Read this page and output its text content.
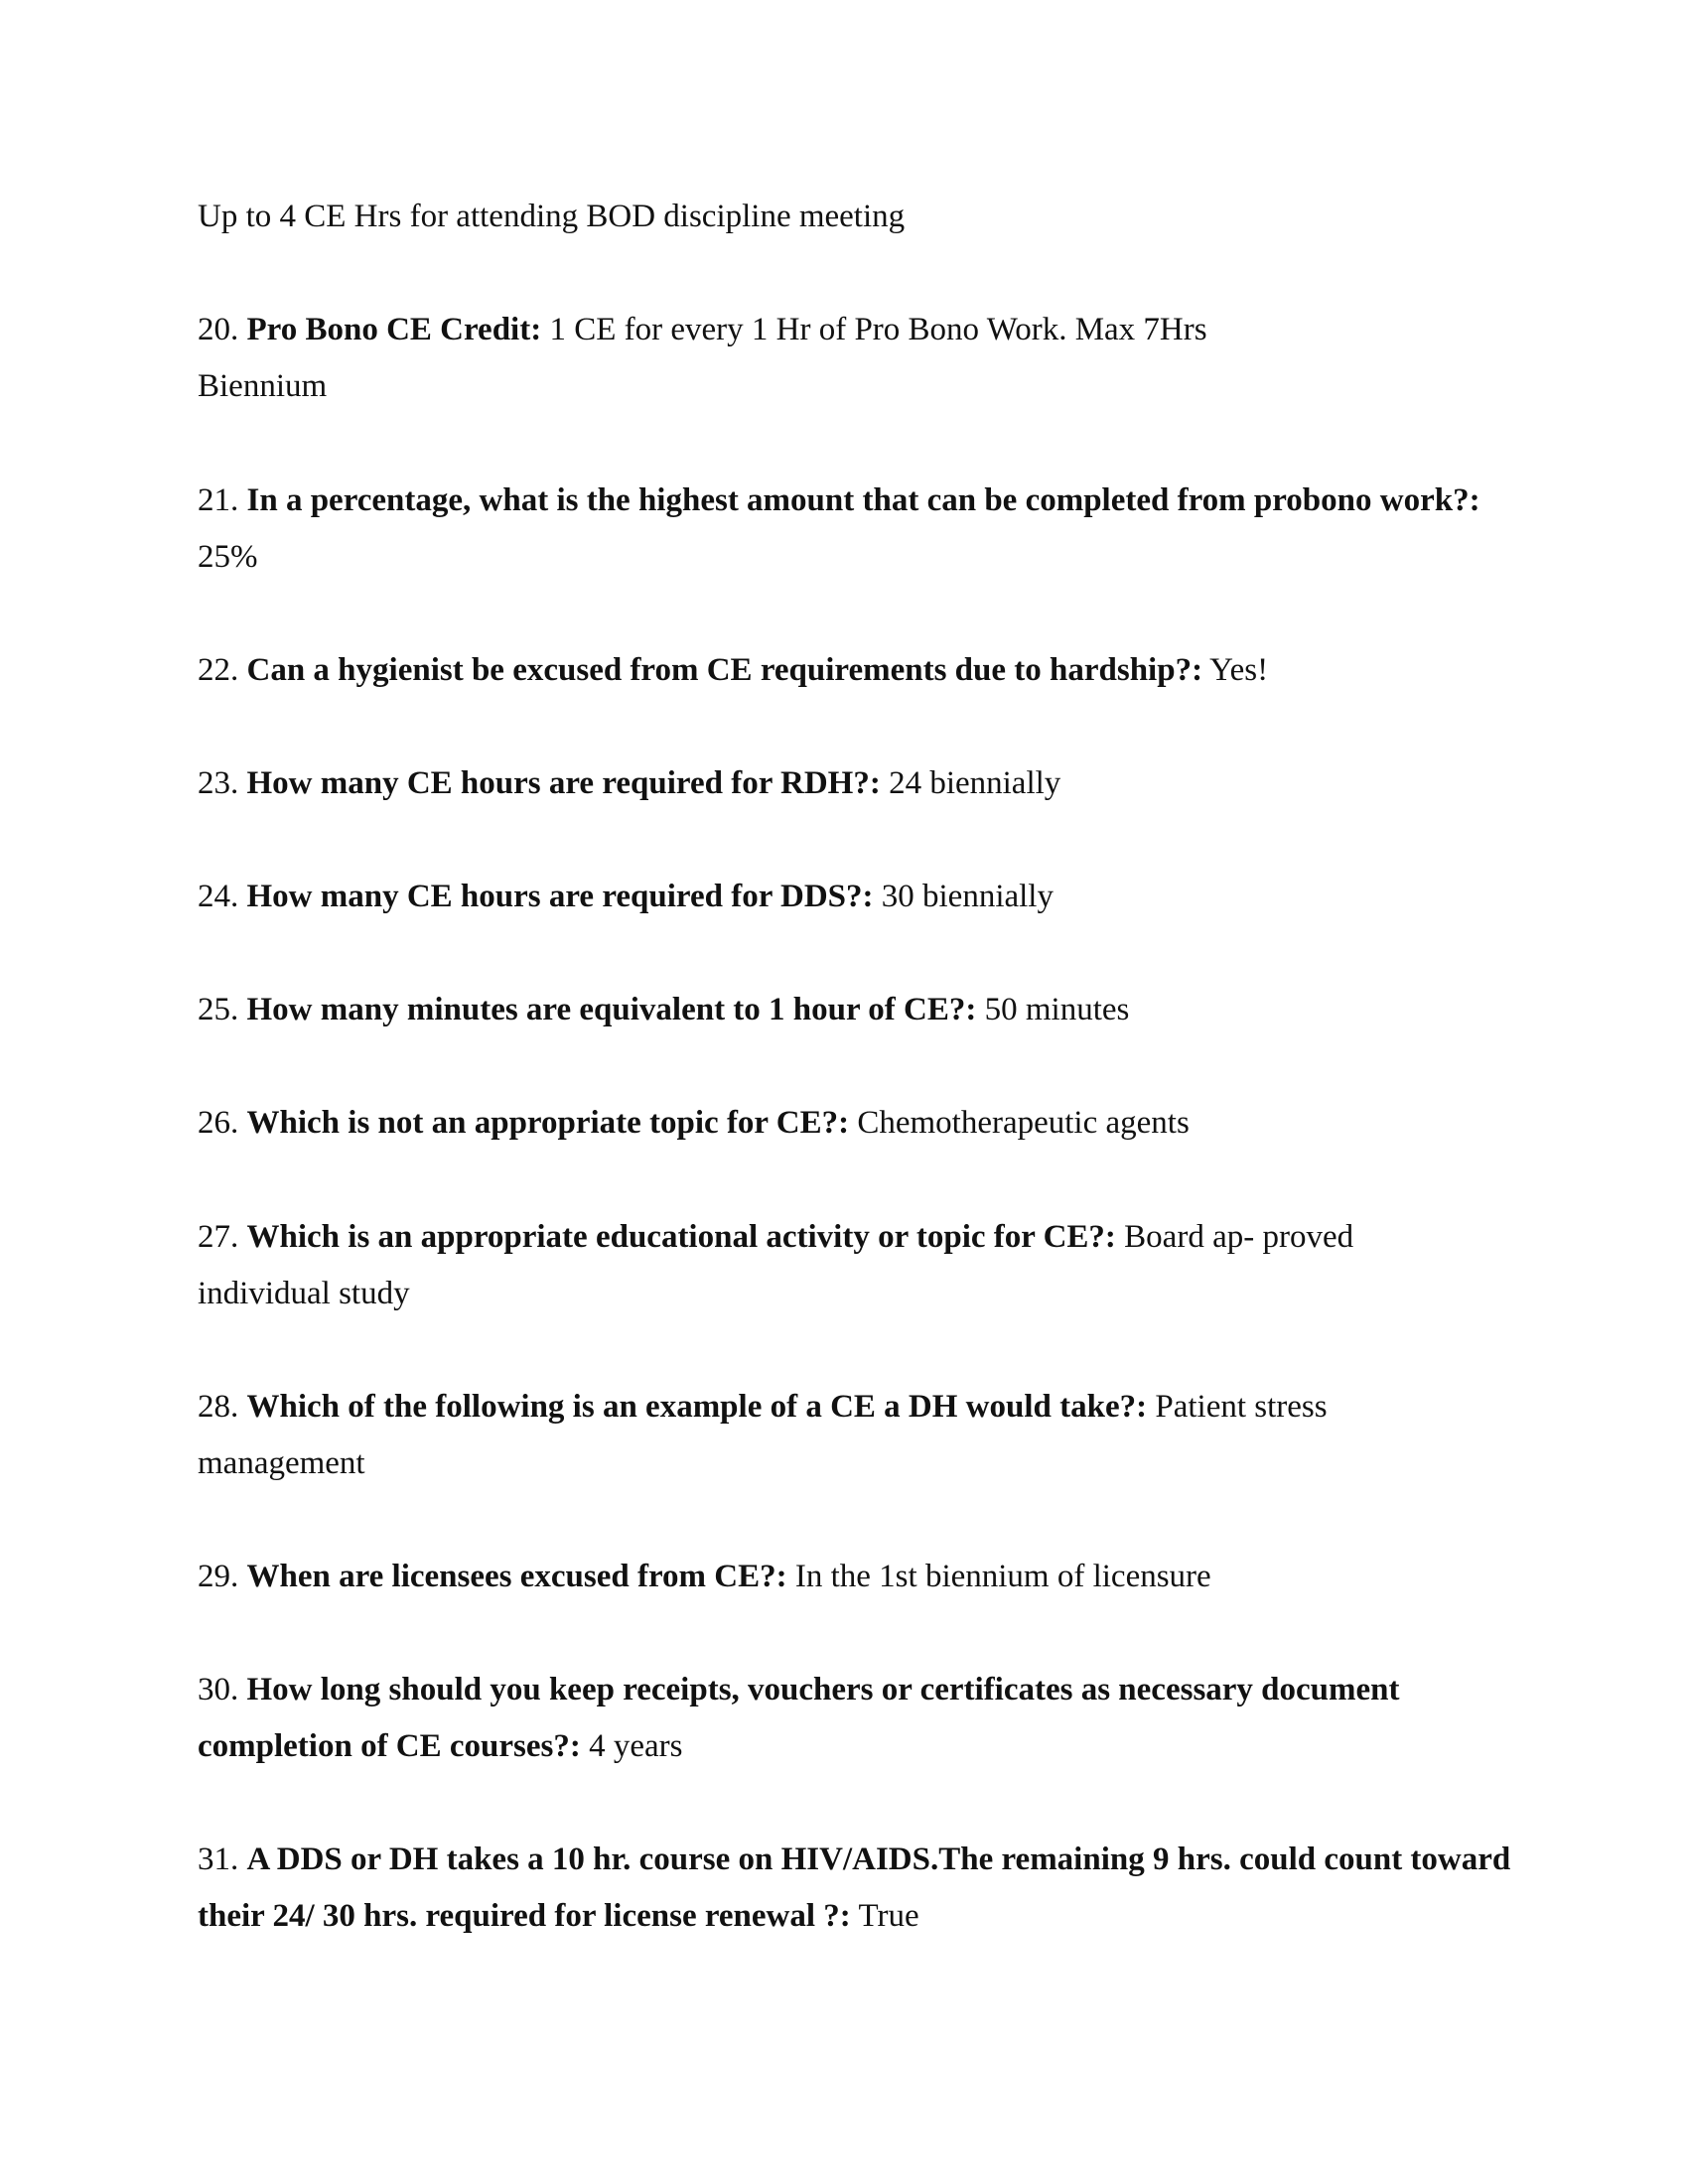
Up to 4 CE Hrs for attending BOD discipline meeting
20. Pro Bono CE Credit: 1 CE for every 1 Hr of Pro Bono Work. Max 7Hrs
Biennium
21. In a percentage, what is the highest amount that can be completed from probono work?:
25%
22. Can a hygienist be excused from CE requirements due to hardship?: Yes!
23. How many CE hours are required for RDH?: 24 biennially
24. How many CE hours are required for DDS?: 30 biennially
25. How many minutes are equivalent to 1 hour of CE?: 50 minutes
26. Which is not an appropriate topic for CE?: Chemotherapeutic agents
27. Which is an appropriate educational activity or topic for CE?: Board ap- proved
individual study
28. Which of the following is an example of a CE a DH would take?: Patient stress
management
29. When are licensees excused from CE?: In the 1st biennium of licensure
30. How long should you keep receipts, vouchers or certificates as necessary document
completion of CE courses?: 4 years
31. A DDS or DH takes a 10 hr. course on HIV/AIDS.The remaining 9 hrs. could count toward
their 24/ 30 hrs. required for license renewal ?: True
